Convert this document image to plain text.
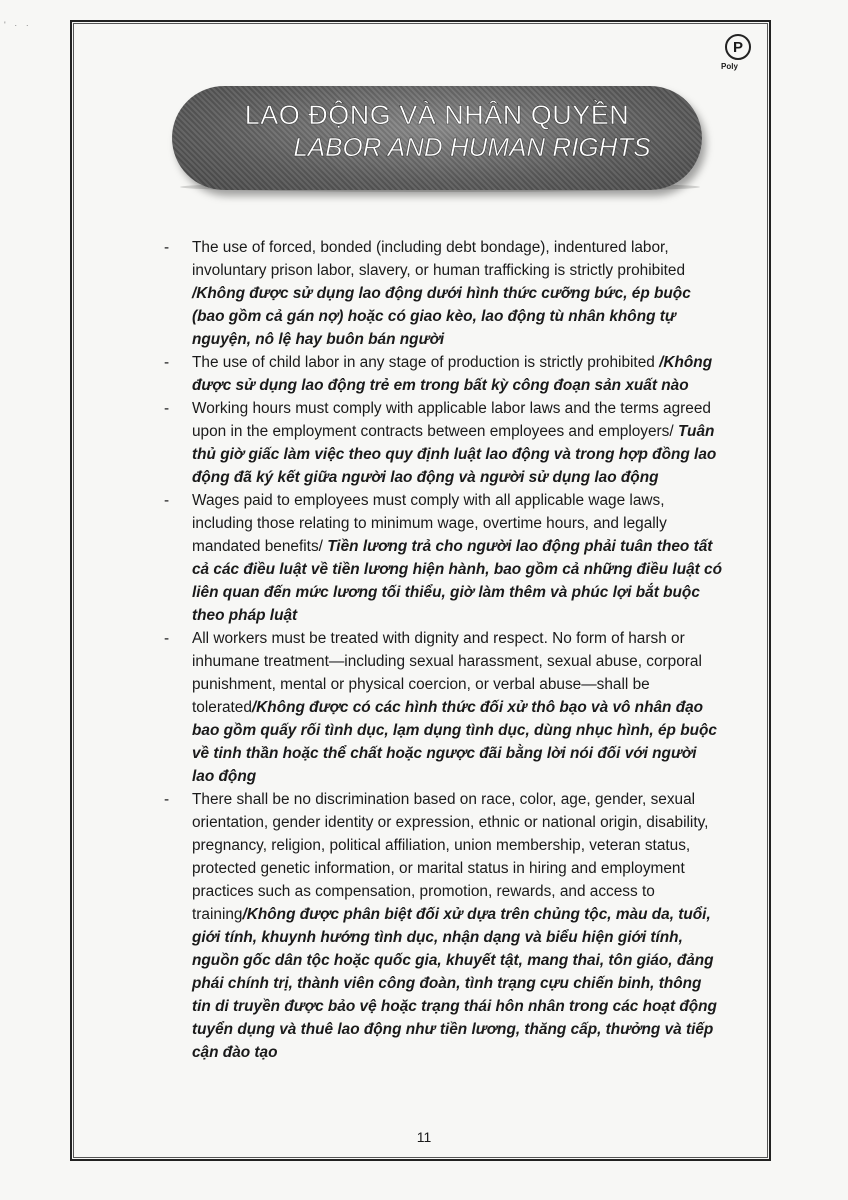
' · ·
P
Poly
LAO ĐỘNG VÀ NHÂN QUYỀN
LABOR AND HUMAN RIGHTS
- The use of forced, bonded (including debt bondage), indentured labor, involuntary prison labor, slavery, or human trafficking is strictly prohibited /Không được sử dụng lao động dưới hình thức cưỡng bức, ép buộc (bao gồm cả gán nợ) hoặc có giao kèo, lao động tù nhân không tự nguyện, nô lệ hay buôn bán người
- The use of child labor in any stage of production is strictly prohibited /Không được sử dụng lao động trẻ em trong bất kỳ công đoạn sản xuất nào
- Working hours must comply with applicable labor laws and the terms agreed upon in the employment contracts between employees and employers/ Tuân thủ giờ giấc làm việc theo quy định luật lao động và trong hợp đồng lao động đã ký kết giữa người lao động và người sử dụng lao động
- Wages paid to employees must comply with all applicable wage laws, including those relating to minimum wage, overtime hours, and legally mandated benefits/ Tiền lương trả cho người lao động phải tuân theo tất cả các điều luật về tiền lương hiện hành, bao gồm cả những điều luật có liên quan đến mức lương tối thiểu, giờ làm thêm và phúc lợi bắt buộc theo pháp luật
- All workers must be treated with dignity and respect. No form of harsh or inhumane treatment—including sexual harassment, sexual abuse, corporal punishment, mental or physical coercion, or verbal abuse—shall be tolerated/Không được có các hình thức đối xử thô bạo và vô nhân đạo bao gồm quấy rối tình dục, lạm dụng tình dục, dùng nhục hình, ép buộc về tinh thần hoặc thể chất hoặc ngược đãi bằng lời nói đối với người lao động
- There shall be no discrimination based on race, color, age, gender, sexual orientation, gender identity or expression, ethnic or national origin, disability, pregnancy, religion, political affiliation, union membership, veteran status, protected genetic information, or marital status in hiring and employment practices such as compensation, promotion, rewards, and access to training/Không được phân biệt đối xử dựa trên chủng tộc, màu da, tuổi, giới tính, khuynh hướng tình dục, nhận dạng và biểu hiện giới tính, nguồn gốc dân tộc hoặc quốc gia, khuyết tật, mang thai, tôn giáo, đảng phái chính trị, thành viên công đoàn, tình trạng cựu chiến binh, thông tin di truyền được bảo vệ hoặc trạng thái hôn nhân trong các hoạt động tuyển dụng và thuê lao động như tiền lương, thăng cấp, thưởng và tiếp cận đào tạo
11
